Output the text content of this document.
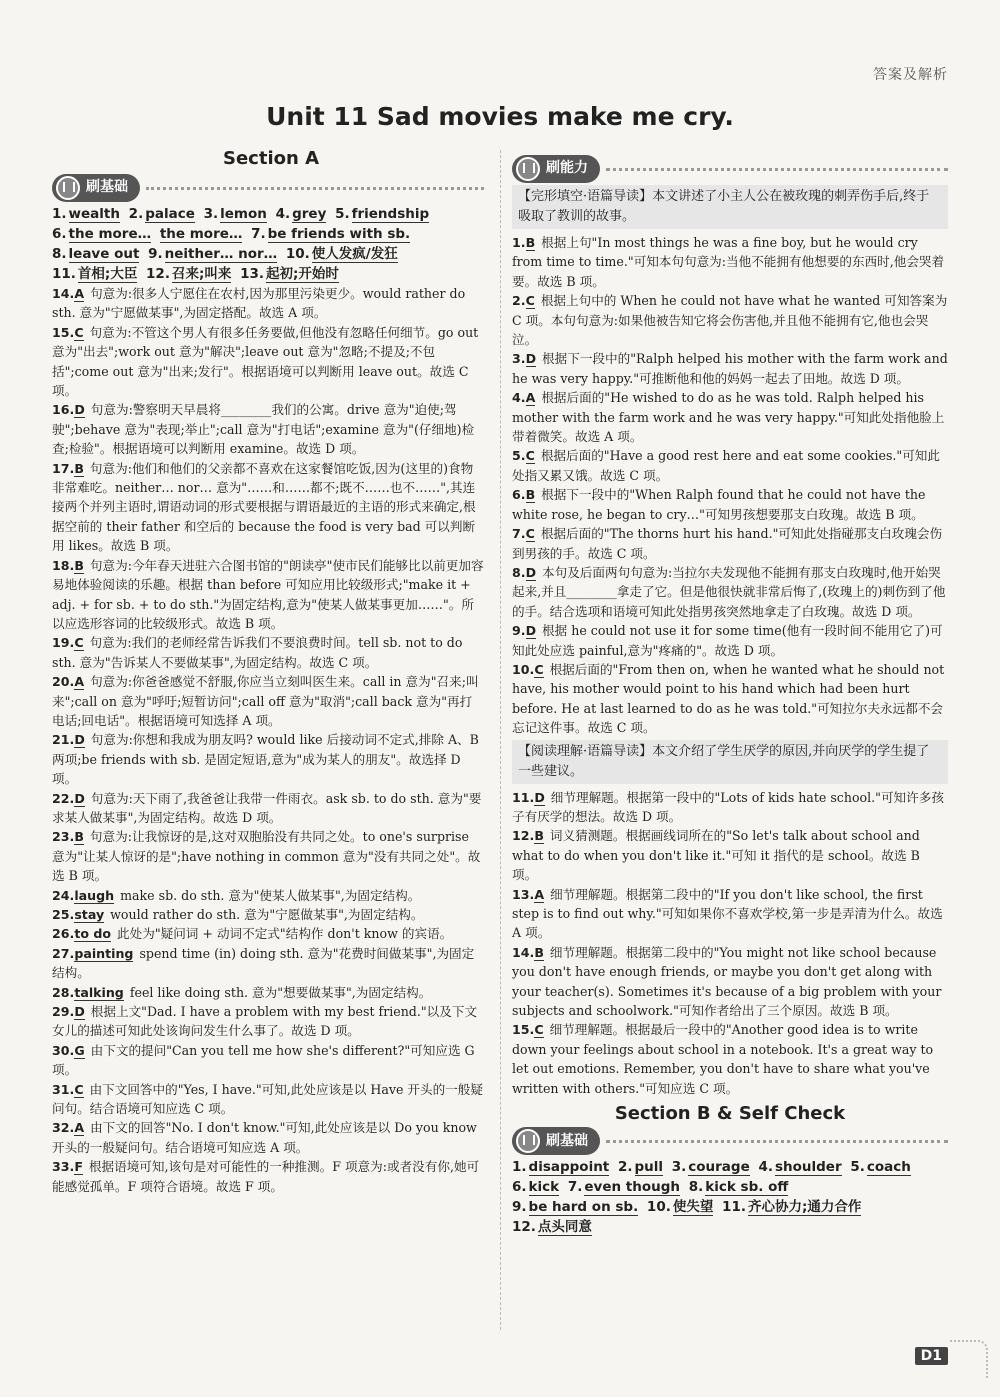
答案及解析
Unit 11 Sad movies make me cry.
Section A
刷基础
1. wealth 2. palace 3. lemon 4. grey 5. friendship
6. the more… the more… 7. be friends with sb.
8. leave out 9. neither… nor… 10. 使人发疯/发狂
11. 首相;大臣 12. 召来;叫来 13. 起初;开始时
14.A 句意为:很多人宁愿住在农村,因为那里污染更少。would rather do sth. 意为"宁愿做某事",为固定搭配。故选 A 项。
15.C 句意为:不管这个男人有很多任务要做,但他没有忽略任何细节。go out 意为"出去";work out 意为"解决";leave out 意为"忽略;不提及;不包括";come out 意为"出来;发行"。根据语境可以判断用 leave out。故选 C 项。
16.D 句意为:警察明天早晨将________我们的公寓。drive 意为"迫使;驾驶";behave 意为"表现;举止";call 意为"打电话";examine 意为"(仔细地)检查;检验"。根据语境可以判断用 examine。故选 D 项。
17.B 句意为:他们和他们的父亲都不喜欢在这家餐馆吃饭,因为(这里的)食物非常难吃。neither… nor… 意为"……和……都不;既不……也不……",其连接两个并列主语时,谓语动词的形式要根据与谓语最近的主语的形式来确定,根据空前的 their father 和空后的 because the food is very bad 可以判断用 likes。故选 B 项。
18.B 句意为:今年春天进驻六合图书馆的"朗读亭"使市民们能够比以前更加容易地体验阅读的乐趣。根据 than before 可知应用比较级形式;"make it + adj. + for sb. + to do sth."为固定结构,意为"使某人做某事更加……"。所以应选形容词的比较级形式。故选 B 项。
19.C 句意为:我们的老师经常告诉我们不要浪费时间。tell sb. not to do sth. 意为"告诉某人不要做某事",为固定结构。故选 C 项。
20.A 句意为:你爸爸感觉不舒服,你应当立刻叫医生来。call in 意为"召来;叫来";call on 意为"呼吁;短暂访问";call off 意为"取消";call back 意为"再打电话;回电话"。根据语境可知选择 A 项。
21.D 句意为:你想和我成为朋友吗? would like 后接动词不定式,排除 A、B 两项;be friends with sb. 是固定短语,意为"成为某人的朋友"。故选择 D 项。
22.D 句意为:天下雨了,我爸爸让我带一件雨衣。ask sb. to do sth. 意为"要求某人做某事",为固定结构。故选 D 项。
23.B 句意为:让我惊讶的是,这对双胞胎没有共同之处。to one's surprise 意为"让某人惊讶的是";have nothing in common 意为"没有共同之处"。故选 B 项。
24.laugh make sb. do sth. 意为"使某人做某事",为固定结构。
25.stay would rather do sth. 意为"宁愿做某事",为固定结构。
26.to do 此处为"疑问词 + 动词不定式"结构作 don't know 的宾语。
27.painting spend time (in) doing sth. 意为"花费时间做某事",为固定结构。
28.talking feel like doing sth. 意为"想要做某事",为固定结构。
29.D 根据上文"Dad. I have a problem with my best friend."以及下文女儿的描述可知此处该询问发生什么事了。故选 D 项。
30.G 由下文的提问"Can you tell me how she's different?"可知应选 G 项。
31.C 由下文回答中的"Yes, I have."可知,此处应该是以 Have 开头的一般疑问句。结合语境可知应选 C 项。
32.A 由下文的回答"No. I don't know."可知,此处应该是以 Do you know 开头的一般疑问句。结合语境可知应选 A 项。
33.F 根据语境可知,该句是对可能性的一种推测。F 项意为:或者没有你,她可能感觉孤单。F 项符合语境。故选 F 项。
刷能力
【完形填空·语篇导读】本文讲述了小主人公在被玫瑰的刺弄伤手后,终于吸取了教训的故事。
1.B 根据上句"In most things he was a fine boy, but he would cry from time to time."可知本句句意为:当他不能拥有他想要的东西时,他会哭着要。故选 B 项。
2.C 根据上句中的 When he could not have what he wanted 可知答案为 C 项。本句句意为:如果他被告知它将会伤害他,并且他不能拥有它,他也会哭泣。
3.D 根据下一段中的"Ralph helped his mother with the farm work and he was very happy."可推断他和他的妈妈一起去了田地。故选 D 项。
4.A 根据后面的"He wished to do as he was told. Ralph helped his mother with the farm work and he was very happy."可知此处指他脸上带着微笑。故选 A 项。
5.C 根据后面的"Have a good rest here and eat some cookies."可知此处指又累又饿。故选 C 项。
6.B 根据下一段中的"When Ralph found that he could not have the white rose, he began to cry…"可知男孩想要那支白玫瑰。故选 B 项。
7.C 根据后面的"The thorns hurt his hand."可知此处指碰那支白玫瑰会伤到男孩的手。故选 C 项。
8.D 本句及后面两句句意为:当拉尔夫发现他不能拥有那支白玫瑰时,他开始哭起来,并且________拿走了它。但是他很快就非常后悔了,(玫瑰上的)刺伤到了他的手。结合选项和语境可知此处指男孩突然地拿走了白玫瑰。故选 D 项。
9.D 根据 he could not use it for some time(他有一段时间不能用它了)可知此处应选 painful,意为"疼痛的"。故选 D 项。
10.C 根据后面的"From then on, when he wanted what he should not have, his mother would point to his hand which had been hurt before. He at last learned to do as he was told."可知拉尔夫永远都不会忘记这件事。故选 C 项。
【阅读理解·语篇导读】本文介绍了学生厌学的原因,并向厌学的学生提了一些建议。
11.D 细节理解题。根据第一段中的"Lots of kids hate school."可知许多孩子有厌学的想法。故选 D 项。
12.B 词义猜测题。根据画线词所在的"So let's talk about school and what to do when you don't like it."可知 it 指代的是 school。故选 B 项。
13.A 细节理解题。根据第二段中的"If you don't like school, the first step is to find out why."可知如果你不喜欢学校,第一步是弄清为什么。故选 A 项。
14.B 细节理解题。根据第二段中的"You might not like school because you don't have enough friends, or maybe you don't get along with your teacher(s). Sometimes it's because of a big problem with your subjects and schoolwork."可知作者给出了三个原因。故选 B 项。
15.C 细节理解题。根据最后一段中的"Another good idea is to write down your feelings about school in a notebook. It's a great way to let out emotions. Remember, you don't have to share what you've written with others."可知应选 C 项。
Section B & Self Check
刷基础
1. disappoint 2. pull 3. courage 4. shoulder 5. coach
6. kick 7. even though 8. kick sb. off
9. be hard on sb. 10. 使失望 11. 齐心协力;通力合作
12. 点头同意
D1
